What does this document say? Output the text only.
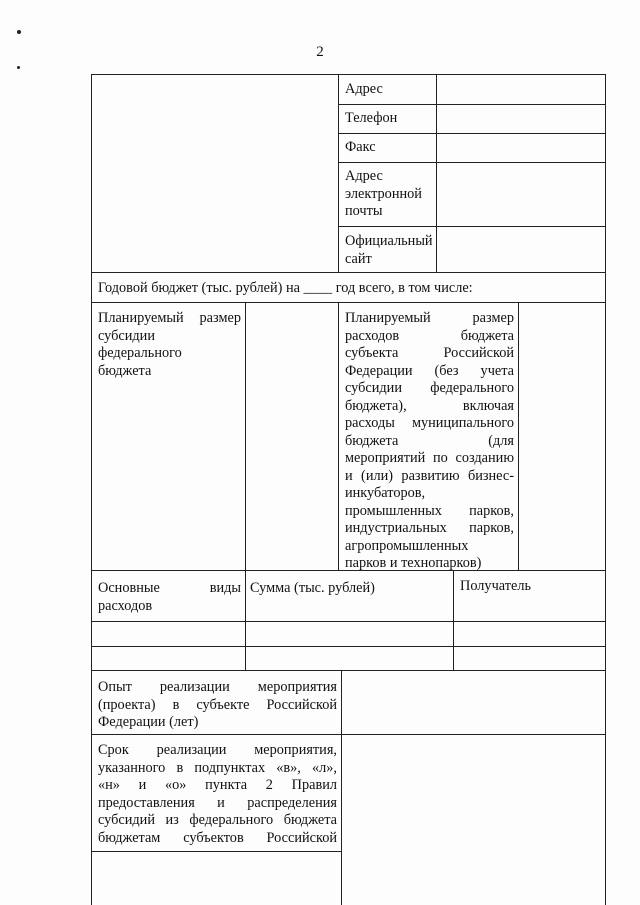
2
Адрес
Телефон
Факс
Адрес
электронной
почты
Официальный
сайт
Годовой бюджет (тыс. рублей) на ____ год всего, в том числе:
Планируемый размер
субсидии
федерального
бюджета
Планируемый размер
расходов бюджета
субъекта Российской
Федерации (без учета
субсидии федерального
бюджета), включая
расходы муниципального
бюджета (для
мероприятий по созданию
и (или) развитию бизнес-
инкубаторов,
промышленных парков,
индустриальных парков,
агропромышленных
парков и технопарков)
Основные виды
расходов
Сумма (тыс. рублей)	Получатель
Опыт реализации мероприятия
(проекта) в субъекте Российской
Федерации (лет)
Срок реализации мероприятия,
указанного в подпунктах «в», «л»,
«н» и «о» пункта 2 Правил
предоставления и распределения
субсидий из федерального бюджета
бюджетам субъектов Российской
